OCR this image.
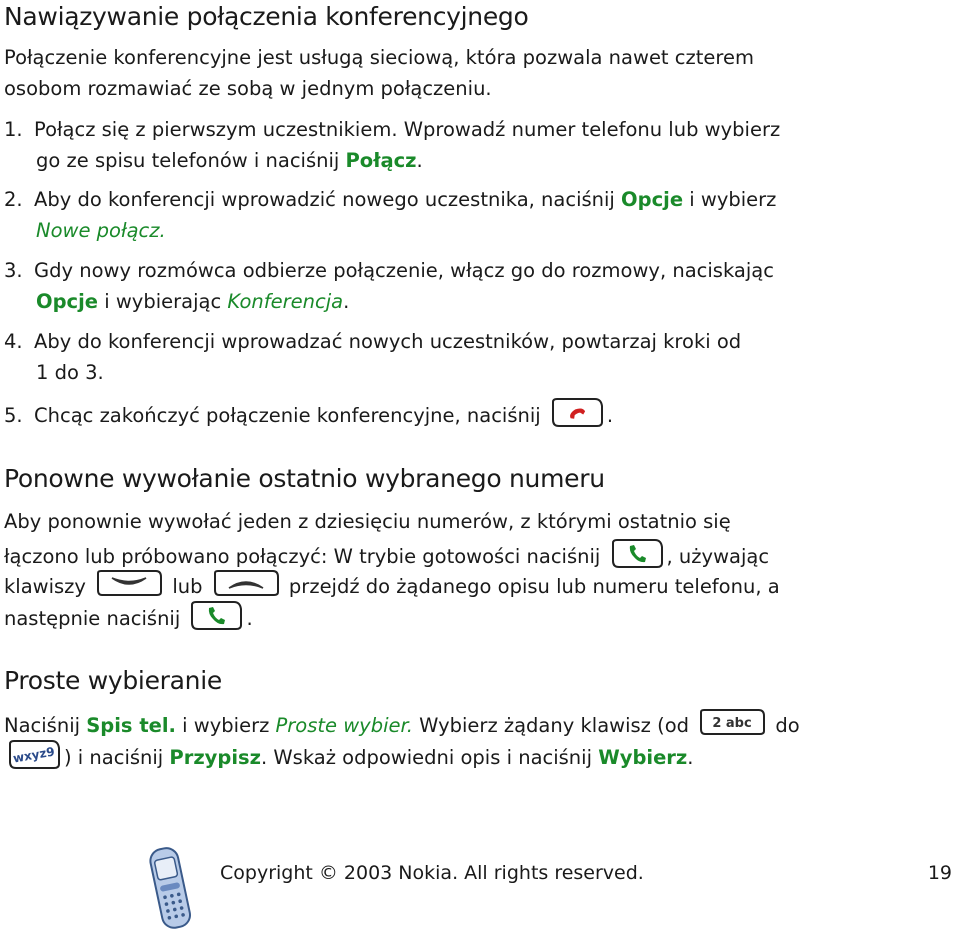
Nawiązywanie połączenia konferencyjnego
Połączenie konferencyjne jest usługą sieciową, która pozwala nawet czterem
osobom rozmawiać ze sobą w jednym połączeniu.
1. Połącz się z pierwszym uczestnikiem. Wprowadź numer telefonu lub wybierz
go ze spisu telefonów i naciśnij Połącz.
2. Aby do konferencji wprowadzić nowego uczestnika, naciśnij Opcje i wybierz
Nowe połącz.
3. Gdy nowy rozmówca odbierze połączenie, włącz go do rozmowy, naciskając
Opcje i wybierając Konferencja.
4. Aby do konferencji wprowadzać nowych uczestników, powtarzaj kroki od
1 do 3.
5. Chcąc zakończyć połączenie konferencyjne, naciśnij	.
Ponowne wywołanie ostatnio wybranego numeru
Aby ponownie wywołać jeden z dziesięciu numerów, z którymi ostatnio się
łączono lub próbowano połączyć: W trybie gotowości naciśnij	, używając
klawiszy	lub	przejdź do żądanego opisu lub numeru telefonu, a
następnie naciśnij	.
Proste wybieranie
Naciśnij Spis tel. i wybierz Proste wybier. Wybierz żądany klawisz (od 2 abc do
wxyz9 ) i naciśnij Przypisz. Wskaż odpowiedni opis i naciśnij Wybierz.
Copyright © 2003 Nokia. All rights reserved.	19
